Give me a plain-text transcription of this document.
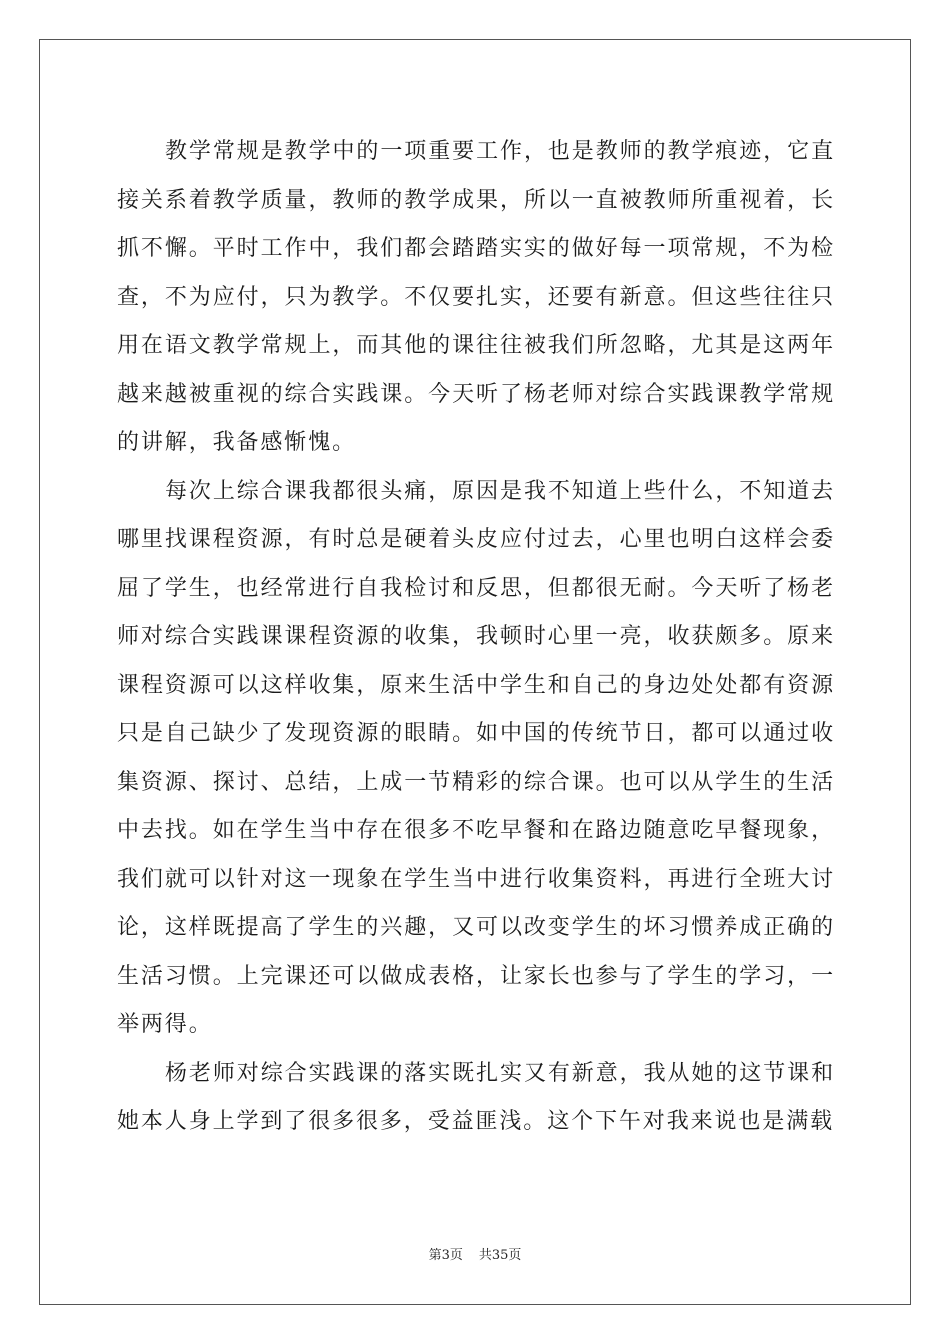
教学常规是教学中的一项重要工作，也是教师的教学痕迹，它直接关系着教学质量，教师的教学成果，所以一直被教师所重视着，长抓不懈。平时工作中，我们都会踏踏实实的做好每一项常规，不为检查，不为应付，只为教学。不仅要扎实，还要有新意。但这些往往只用在语文教学常规上，而其他的课往往被我们所忽略，尤其是这两年越来越被重视的综合实践课。今天听了杨老师对综合实践课教学常规的讲解，我备感惭愧。

每次上综合课我都很头痛，原因是我不知道上些什么，不知道去哪里找课程资源，有时总是硬着头皮应付过去，心里也明白这样会委屈了学生，也经常进行自我检讨和反思，但都很无耐。今天听了杨老师对综合实践课课程资源的收集，我顿时心里一亮，收获颇多。原来课程资源可以这样收集，原来生活中学生和自己的身边处处都有资源只是自己缺少了发现资源的眼睛。如中国的传统节日，都可以通过收集资源、探讨、总结，上成一节精彩的综合课。也可以从学生的生活中去找。如在学生当中存在很多不吃早餐和在路边随意吃早餐现象，我们就可以针对这一现象在学生当中进行收集资料，再进行全班大讨论，这样既提高了学生的兴趣，又可以改变学生的坏习惯养成正确的生活习惯。上完课还可以做成表格，让家长也参与了学生的学习，一举两得。

杨老师对综合实践课的落实既扎实又有新意，我从她的这节课和她本人身上学到了很多很多，受益匪浅。这个下午对我来说也是满载

第3页 共35页
